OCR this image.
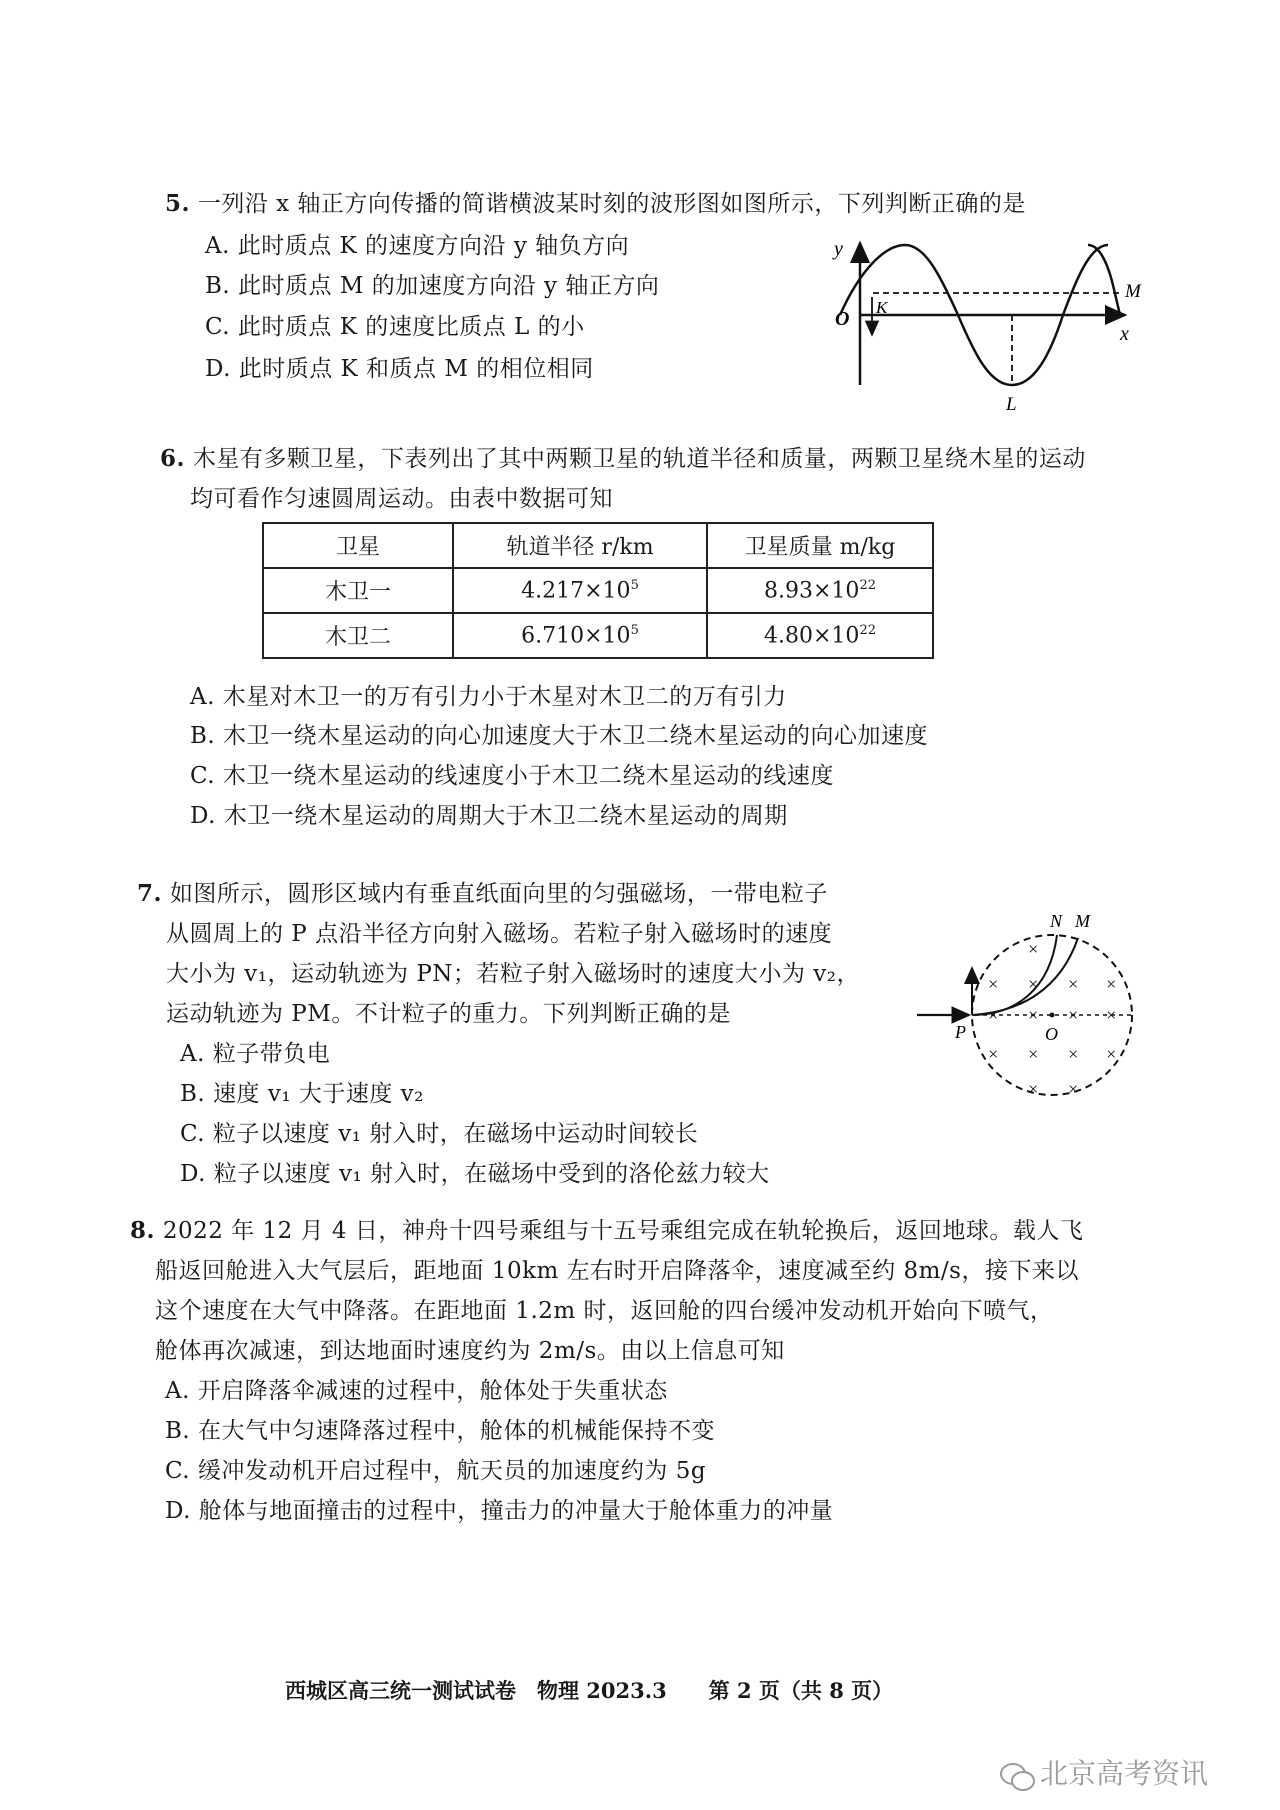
5. 一列沿 x 轴正方向传播的简谐横波某时刻的波形图如图所示，下列判断正确的是
A. 此时质点 K 的速度方向沿 y 轴负方向
B. 此时质点 M 的加速度方向沿 y 轴正方向
C. 此时质点 K 的速度比质点 L 的小
D. 此时质点 K 和质点 M 的相位相同
y
x
O
K
L
M
6. 木星有多颗卫星，下表列出了其中两颗卫星的轨道半径和质量，两颗卫星绕木星的运动
均可看作匀速圆周运动。由表中数据可知
卫星	轨道半径 r/km	卫星质量 m/kg
木卫一	$4.217\times 10^5$	$8.93\times 10^{22}$
木卫二	$6.710\times 10^5$	$4.80\times 10^{22}$
A. 木星对木卫一的万有引力小于木星对木卫二的万有引力
B. 木卫一绕木星运动的向心加速度大于木卫二绕木星运动的向心加速度
C. 木卫一绕木星运动的线速度小于木卫二绕木星运动的线速度
D. 木卫一绕木星运动的周期大于木卫二绕木星运动的周期
7. 如图所示，圆形区域内有垂直纸面向里的匀强磁场，一带电粒子
从圆周上的 P 点沿半径方向射入磁场。若粒子射入磁场时的速度
大小为 v₁，运动轨迹为 PN；若粒子射入磁场时的速度大小为 v₂，
运动轨迹为 PM。不计粒子的重力。下列判断正确的是
A. 粒子带负电
B. 速度 v₁ 大于速度 v₂
C. 粒子以速度 v₁ 射入时，在磁场中运动时间较长
D. 粒子以速度 v₁ 射入时，在磁场中受到的洛伦兹力较大
×
× × × ×
× × × ×
× × × ×
× ×
N M
P	O
8. 2022 年 12 月 4 日，神舟十四号乘组与十五号乘组完成在轨轮换后，返回地球。载人飞
船返回舱进入大气层后，距地面 10km 左右时开启降落伞，速度减至约 8m/s，接下来以
这个速度在大气中降落。在距地面 1.2m 时，返回舱的四台缓冲发动机开始向下喷气，
舱体再次减速，到达地面时速度约为 2m/s。由以上信息可知
A. 开启降落伞减速的过程中，舱体处于失重状态
B. 在大气中匀速降落过程中，舱体的机械能保持不变
C. 缓冲发动机开启过程中，航天员的加速度约为 5g
D. 舱体与地面撞击的过程中，撞击力的冲量大于舱体重力的冲量
西城区高三统一测试试卷　物理 2023.3　　第 2 页（共 8 页）
北京高考资讯
